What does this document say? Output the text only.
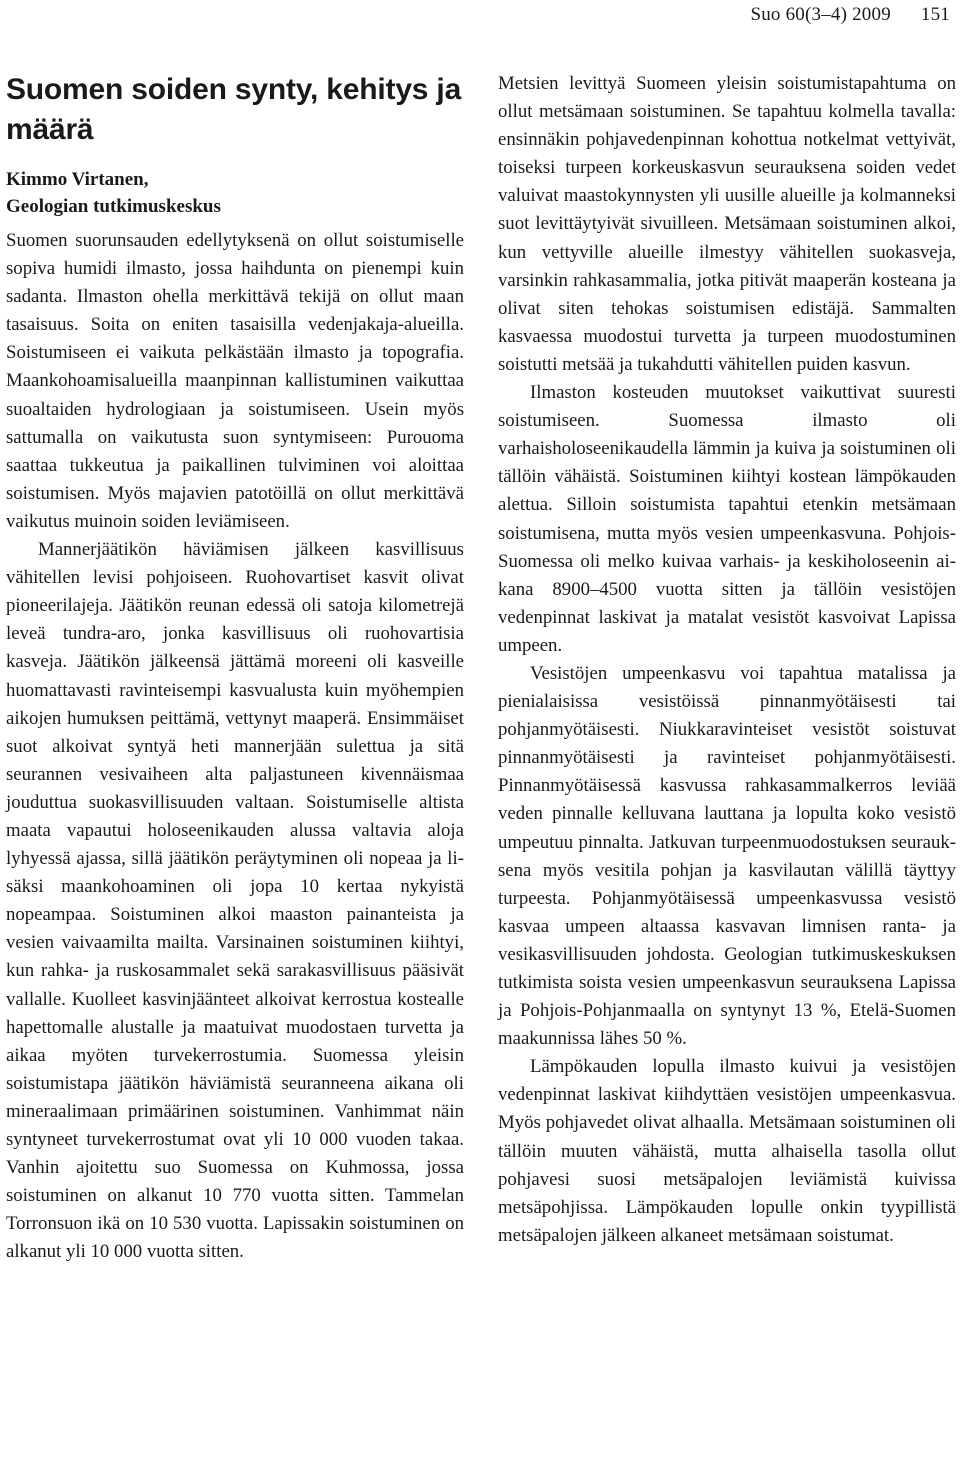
Suo 60(3–4) 2009 151
Suomen soiden synty, kehitys ja määrä
Kimmo Virtanen,
Geologian tutkimuskeskus

Suomen suorunsauden edellytyksenä on ollut soistumiselle sopiva humidi ilmasto, jossa haihdunta on pienempi kuin sadanta. Ilmaston ohella merkittävä tekijä on ollut maan tasaisuus. Soita on eniten tasaisilla vedenjakaja-alueilla. Soistumiseen ei vaikuta pelkästään ilmasto ja topografia. Maankohoamisalueilla maanpinnan kallistuminen vaikuttaa suoaltaiden hydrologiaan ja soistumiseen. Usein myös sattumalla on vaikutusta suon syntymiseen: Purouoma saattaa tukkeutua ja paikallinen tulviminen voi aloittaa soistumisen. Myös majavien patotöillä on ollut merkittävä vaikutus muinoin soiden leviämiseen.

Mannerjäätikön häviämisen jälkeen kasvillisuus vähitellen levisi pohjoiseen. Ruohovartiset kasvit olivat pioneerilajeja. Jäätikön reunan edessä oli satoja kilometrejä leveä tundra-aro, jonka kasvillisuus oli ruohovartisia kasveja. Jäätikön jälkeensä jättämä moreeni oli kasveille huomattavasti ravinteisempi kasvualusta kuin myöhempien aikojen humuksen peittämä, vettynyt maaperä. Ensimmäiset suot alkoivat syntyä heti mannerjään sulettua ja sitä seurannen vesivaiheen alta paljastuneen kivennäismaa jouduttua suokasvillisuuden valtaan. Soistumiselle altista maata vapautui holoseenikauden alussa valtavia aloja lyhyessä ajassa, sillä jäätikön peräytyminen oli nopeaa ja lisäksi maankohoaminen oli jopa 10 kertaa nykyistä nopeampaa. Soistuminen alkoi maaston painanteista ja vesien vaivaamilta mailta. Varsinainen soistuminen kiihtyi, kun rahka- ja ruskosammalet sekä sarakasvillisuus pääsivät vallalle. Kuolleet kasvinjäänteet alkoivat kerrostua kostealle hapettomalle alustalle ja maatuivat muodostaen turvetta ja aikaa myöten turvekerrostumia. Suomessa yleisin soistumistapa jäätikön häviämistä seuranneena aikana oli mineraalimaan primäärinen soistuminen. Vanhimmat näin syntyneet turvekerrostumat ovat yli 10 000 vuoden takaa. Vanhin ajoitettu suo Suomessa on Kuhmossa, jossa soistuminen on alkanut 10 770 vuotta sitten. Tammelan Torronsuon ikä on 10 530 vuotta. Lapissakin soistuminen on alkanut yli 10 000 vuotta sitten.

Metsien levittyä Suomeen yleisin soistumistapahtuma on ollut metsämaan soistuminen. Se tapahtuu kolmella tavalla: ensinnäkin pohjavedenpinnan kohottua notkelmat vettyivät, toiseksi turpeen korkeuskasvun seurauksena soiden vedet valuivat maastokynnysten yli uusille alueille ja kolmanneksi suot levittäytyivät sivuilleen. Metsämaan soistuminen alkoi, kun vettyville alueille ilmestyy vähitellen suokasveja, varsinkin rahkasammalia, jotka pitivät maaperän kosteana ja olivat siten tehokas soistumisen edistäjä. Sammalten kasvaessa muodostui turvetta ja turpeen muodostuminen soistutti metsää ja tukahdutti vähitellen puiden kasvun.

Ilmaston kosteuden muutokset vaikuttivat suuresti soistumiseen. Suomessa ilmasto oli varhaisholoseenikaudella lämmin ja kuiva ja soistuminen oli tällöin vähäistä. Soistuminen kiihtyi kostean lämpökauden alettua. Silloin soistumista tapahtui etenkin metsämaan soistumisena, mutta myös vesien umpeenkasvuna. Pohjois-Suomessa oli melko kuivaa varhais- ja keskiholoseenin aikana 8900–4500 vuotta sitten ja tällöin vesistöjen vedenpinnat laskivat ja matalat vesistöt kasvoivat Lapissa umpeen.

Vesistöjen umpeenkasvu voi tapahtua matalissa ja pienialaisissa vesistöissä pinnanmyötäisesti tai pohjanmyötäisesti. Niukkaravinteiset vesistöt soistuvat pinnanmyötäisesti ja ravinteiset pohjanmyötäisesti. Pinnanmyötäisessä kasvussa rahkasammalkerros leviää veden pinnalle kelluvana lauttana ja lopulta koko vesistö umpeutuu pinnalta. Jatkuvan turpeenmuodostuksen seurauksena myös vesitila pohjan ja kasvilautan välillä täyttyy turpeesta. Pohjanmyötäisessä umpeenkasvussa vesistö kasvaa umpeen altaassa kasvavan limnisen ranta- ja vesikasvillisuuden johdosta. Geologian tutkimuskeskuksen tutkimista soista vesien umpeenkasvun seurauksena Lapissa ja Pohjois-Pohjanmaalla on syntynyt 13 %, Etelä-Suomen maakunnissa lähes 50 %.

Lämpökauden lopulla ilmasto kuivui ja vesistöjen vedenpinnat laskivat kiihdyttäen vesistöjen umpeenkasvua. Myös pohjavedet olivat alhaalla. Metsämaan soistuminen oli tällöin muuten vähäistä, mutta alhaisella tasolla ollut pohjavesi suosi metsäpalojen leviämistä kuivissa metsäpohjissa. Lämpökauden lopulle onkin tyypillistä metsäpalojen jälkeen alkaneet metsämaan soistumat.
